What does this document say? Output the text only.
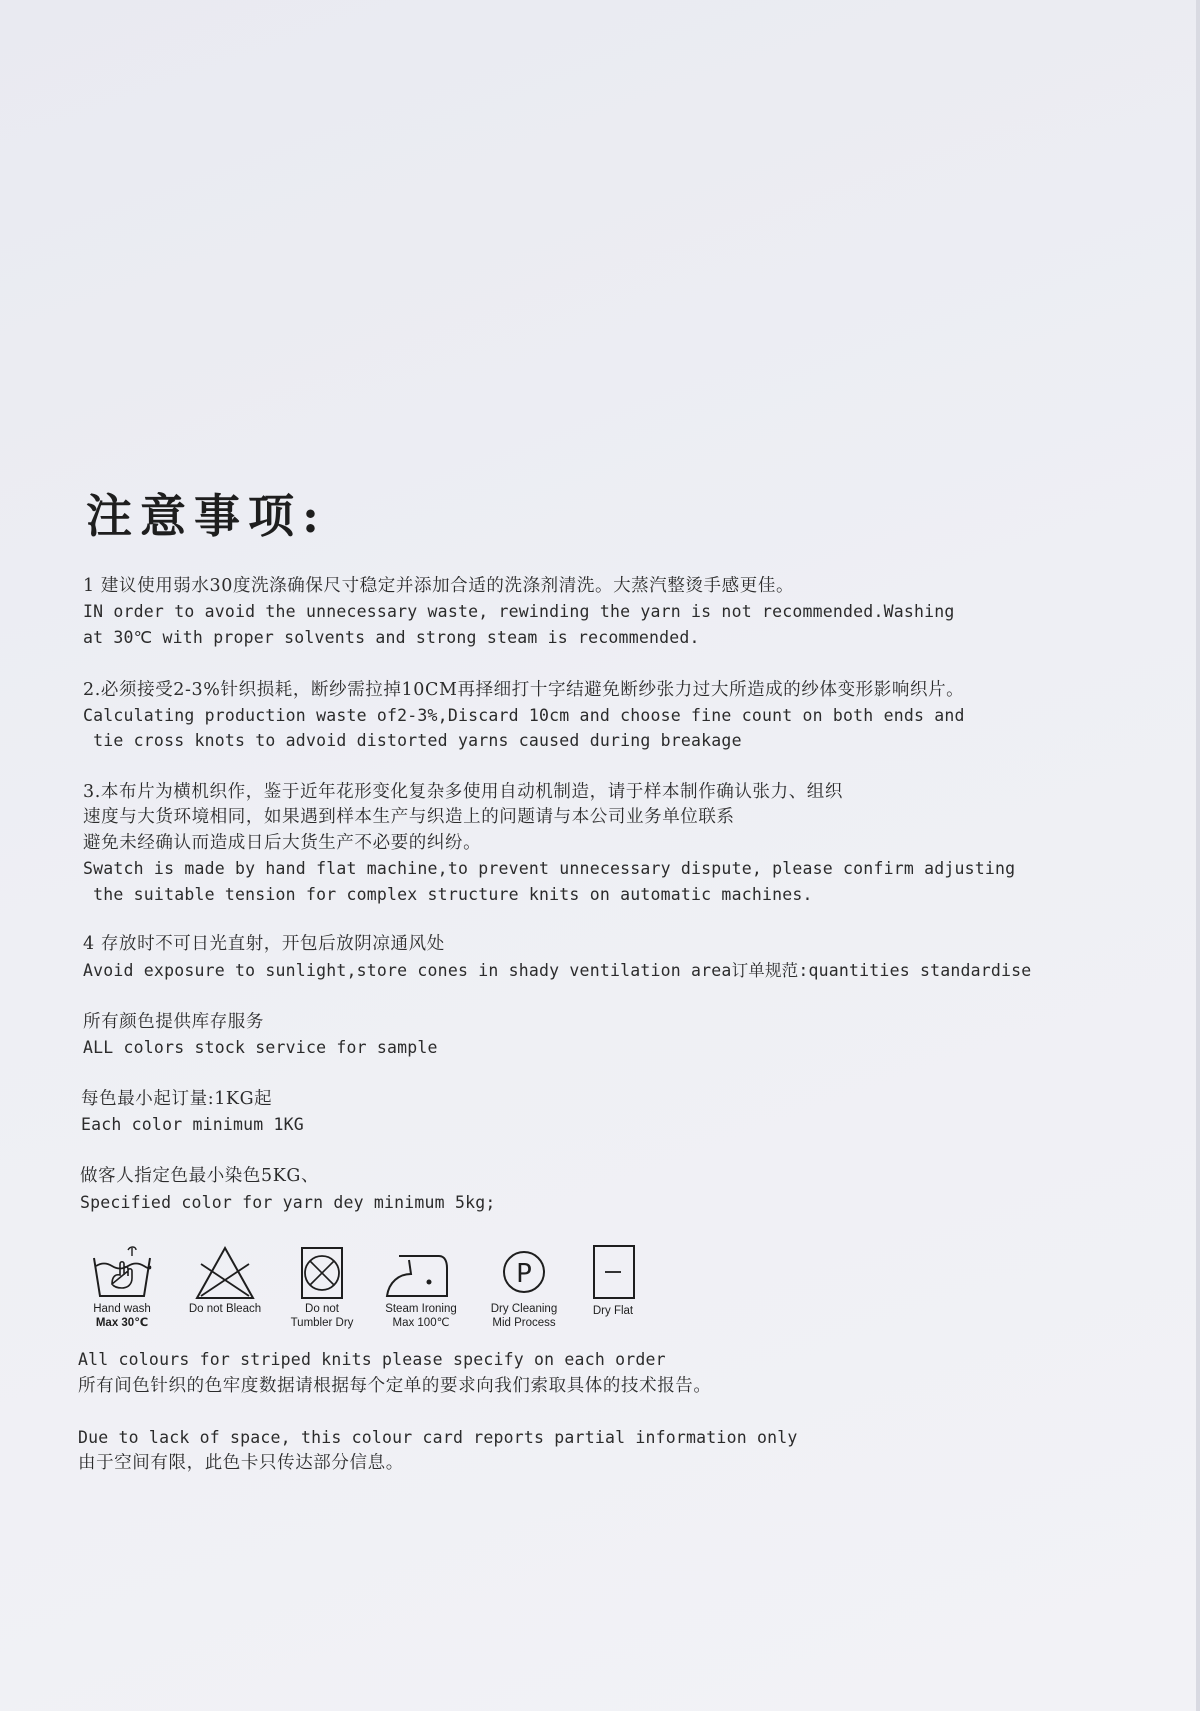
注意事项:
1 建议使用弱水30度洗涤确保尺寸稳定并添加合适的洗涤剂清洗。大蒸汽整烫手感更佳。
IN order to avoid the unnecessary waste, rewinding the yarn is not recommended.Washing
at 30℃ with proper solvents and strong steam is recommended.
2.必须接受2-3%针织损耗，断纱需拉掉10CM再择细打十字结避免断纱张力过大所造成的纱体变形影响织片。
Calculating production waste of2-3%,Discard 10cm and choose fine count on both ends and
tie cross knots to advoid distorted yarns caused during breakage
3.本布片为横机织作，鉴于近年花形变化复杂多使用自动机制造，请于样本制作确认张力、组织
速度与大货环境相同，如果遇到样本生产与织造上的问题请与本公司业务单位联系
避免未经确认而造成日后大货生产不必要的纠纷。
Swatch is made by hand flat machine,to prevent unnecessary dispute, please confirm adjusting
the suitable tension for complex structure knits on automatic machines.
4 存放时不可日光直射，开包后放阴凉通风处
Avoid exposure to sunlight,store cones in shady ventilation area订单规范:quantities standardise
所有颜色提供库存服务
ALL colors stock service for sample
每色最小起订量:1KG起
Each color minimum 1KG
做客人指定色最小染色5KG、
Specified color for yarn dey minimum 5kg;
Hand wash
Max 30℃
Do not Bleach	Do not
Tumbler Dry
Steam Ironing
Max 100℃
P
Dry Cleaning
Mid Process
Dry Flat
All colours for striped knits please specify on each order
所有间色针织的色牢度数据请根据每个定单的要求向我们索取具体的技术报告。
Due to lack of space, this colour card reports partial information only
由于空间有限，此色卡只传达部分信息。
